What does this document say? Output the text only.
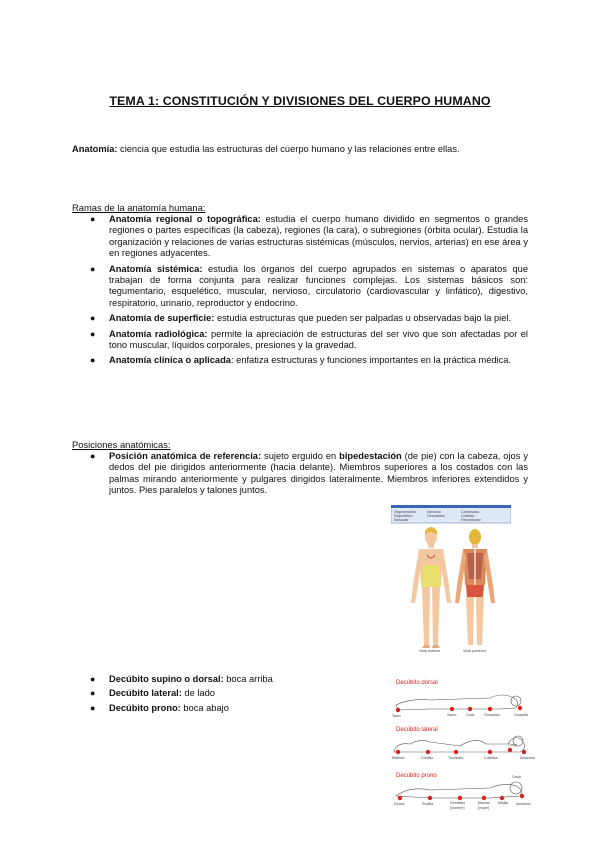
TEMA 1: CONSTITUCIÓN Y DIVISIONES DEL CUERPO HUMANO
Anatomía: ciencia que estudia las estructuras del cuerpo humano y las relaciones entre ellas.
Ramas de la anatomía humana:
● Anatomía regional o topográfica: estudia el cuerpo humano dividido en segmentos o grandes regiones o partes específicas (la cabeza), regiones (la cara), o subregiones (órbita ocular). Estudia la organización y relaciones de varias estructuras sistémicas (músculos, nervios, arterias) en ese área y en regiones adyacentes.
● Anatomía sistémica: estudia los órganos del cuerpo agrupados en sistemas o aparatos que trabajan de forma conjunta para realizar funciones complejas. Los sistemas básicos son: tegumentario, esquelético, muscular, nervioso, circulatorio (cardiovascular y linfático), digestivo, respiratorio, urinario, reproductor y endocrino.
● Anatomía de superficie: estudia estructuras que pueden ser palpadas u observadas bajo la piel.
● Anatomía radiológica: permite la apreciación de estructuras del ser vivo que son afectadas por el tono muscular, líquidos corporales, presiones y la gravedad.
● Anatomía clínica o aplicada: enfatiza estructuras y funciones importantes en la práctica médica.
Posiciones anatómicas:
● Posición anatómica de referencia: sujeto erguido en bipedestación (de pie) con la cabeza, ojos y dedos del pie dirigidos anteriormente (hacia delante). Miembros superiores a los costados con las palmas mirando anteriormente y pulgares dirigidos lateralmente. Miembros inferiores extendidos y juntos. Pies paralelos y talones juntos.
Tegumentario
Esquelético
Muscular
Nervioso
Circulatorio
Cardiovasc.
Linfático
Reproductor
Vista anterior	Vista posterior
● Decúbito supino o dorsal: boca arriba
● Decúbito lateral: de lado
● Decúbito prono: boca abajo
Decúbito dorsal
Talón	Sacro	Codo	Omóplato	Occipital
Decúbito lateral
Maléolo	Cóndilo	Trocánter	Costillas
Oreja
Acromion
Decúbito prono
Dedos	Rodilla	Genitales	Mamas Mejilla Acromion
Oreja
(hombre)	(mujer)
